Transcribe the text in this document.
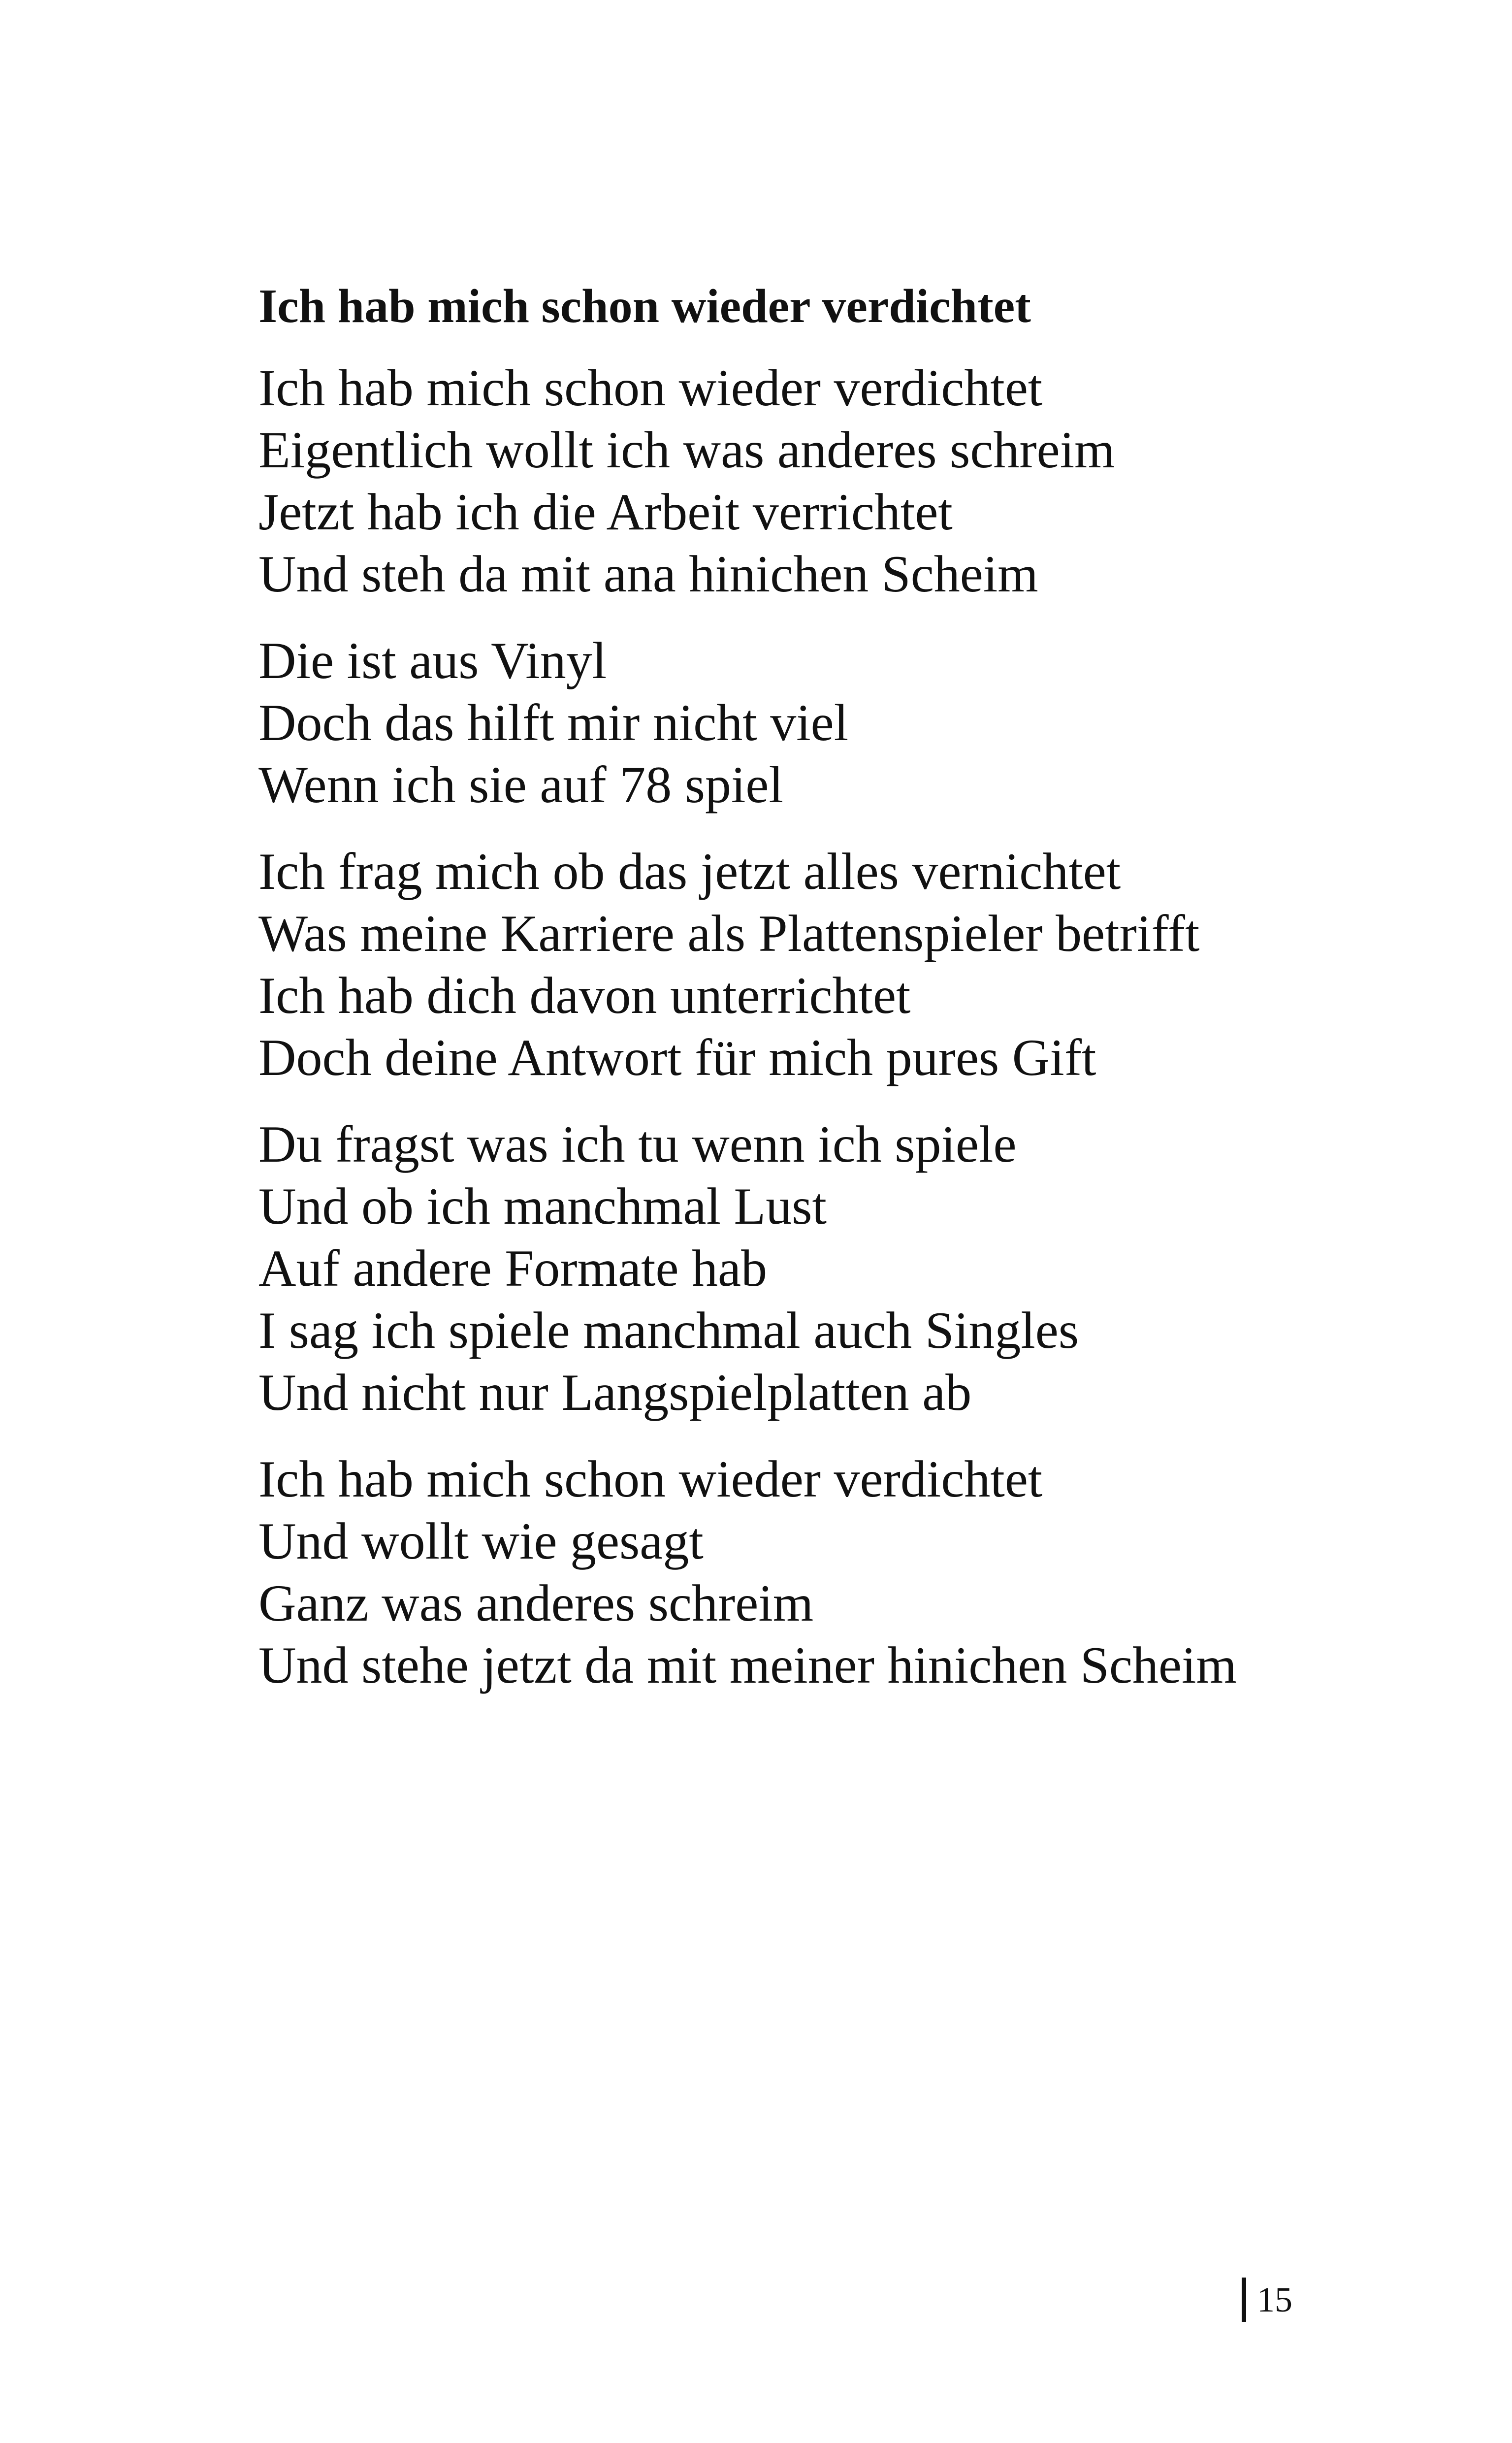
Ich hab mich schon wieder verdichtet
Ich hab mich schon wieder verdichtet
Eigentlich wollt ich was anderes schreim
Jetzt hab ich die Arbeit verrichtet
Und steh da mit ana hinichen Scheim
Die ist aus Vinyl
Doch das hilft mir nicht viel
Wenn ich sie auf 78 spiel
Ich frag mich ob das jetzt alles vernichtet
Was meine Karriere als Plattenspieler betrifft
Ich hab dich davon unterrichtet
Doch deine Antwort für mich pures Gift
Du fragst was ich tu wenn ich spiele
Und ob ich manchmal Lust
Auf andere Formate hab
I sag ich spiele manchmal auch Singles
Und nicht nur Langspielplatten ab
Ich hab mich schon wieder verdichtet
Und wollt wie gesagt
Ganz was anderes schreim
Und stehe jetzt da mit meiner hinichen Scheim
15
